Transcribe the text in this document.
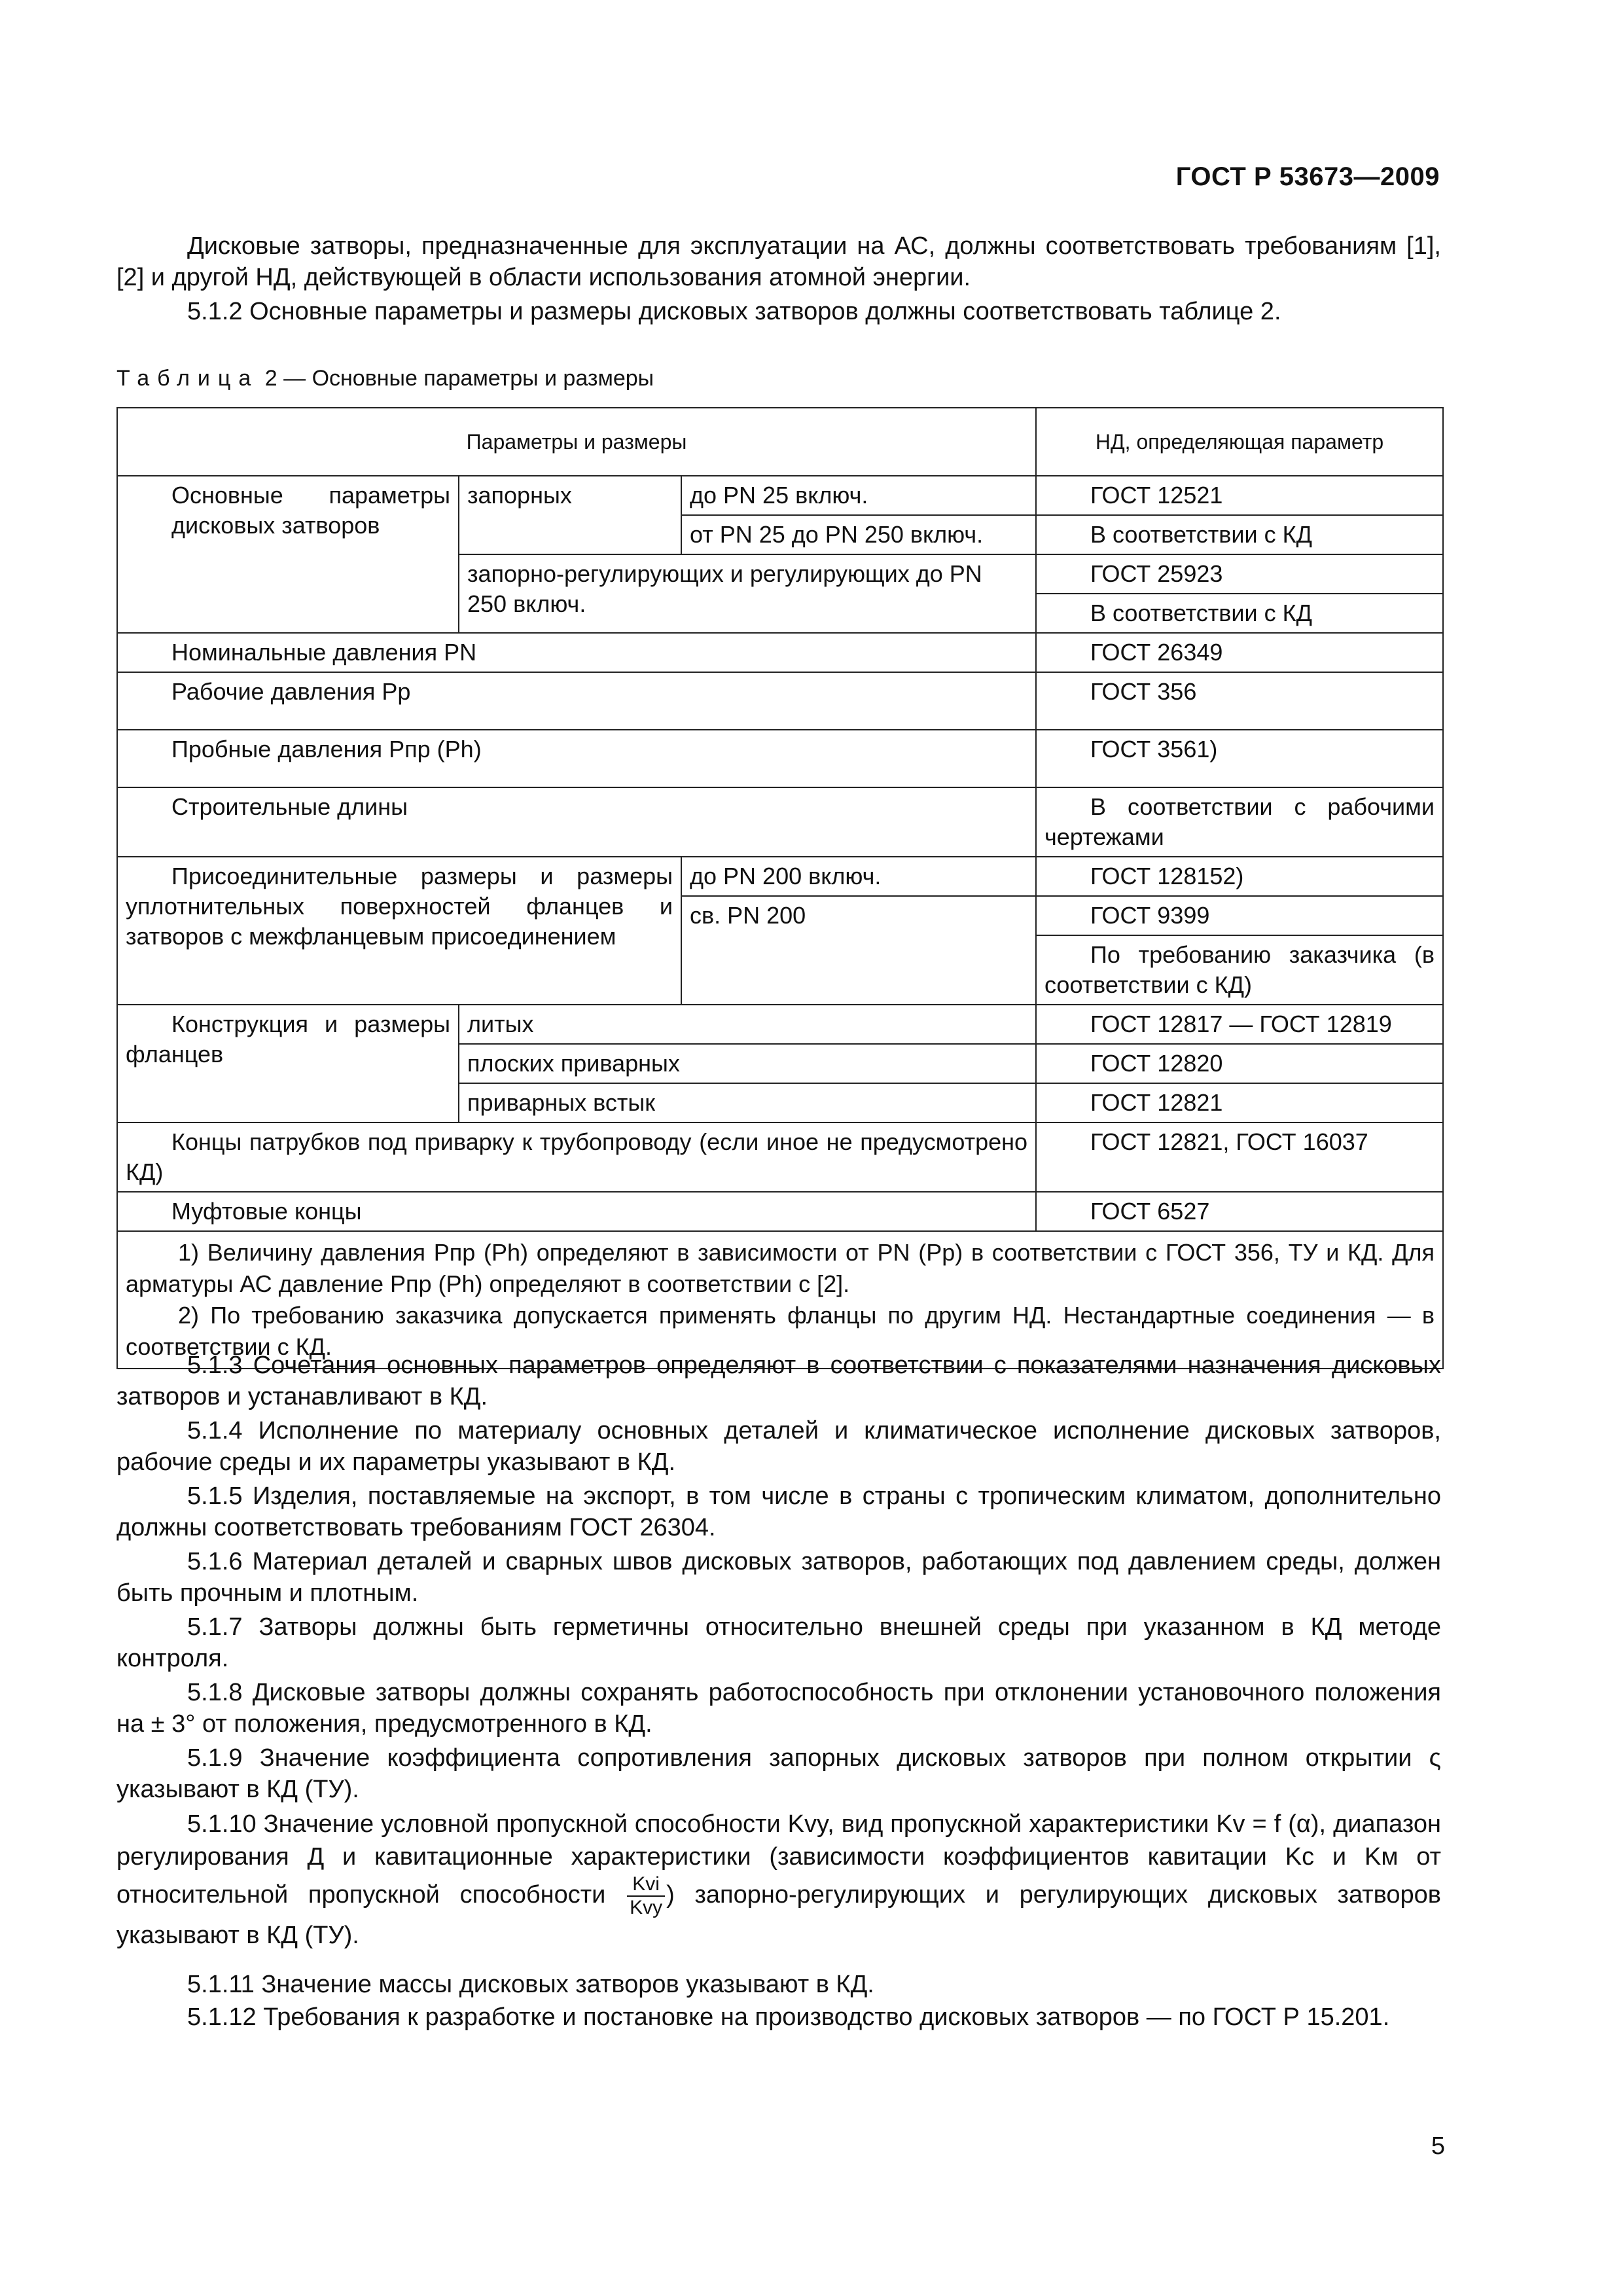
ГОСТ Р 53673—2009
Дисковые затворы, предназначенные для эксплуатации на АС, должны соответствовать требованиям [1], [2] и другой НД, действующей в области использования атомной энергии.
5.1.2 Основные параметры и размеры дисковых затворов должны соответствовать таблице 2.
Таблица 2 — Основные параметры и размеры
Параметры и размеры			НД, определяющая параметр
Основные параметры дисковых затворов	запорных	до PN 25 включ.	ГОСТ 12521
		от PN 25 до PN 250 включ.	В соответствии с КД
	запорно-регулирующих и регулирующих до PN 250 включ.		ГОСТ 25923
			В соответствии с КД
Номинальные давления PN			ГОСТ 26349
Рабочие давления Pр			ГОСТ 356
Пробные давления Pпр (Ph)			ГОСТ 3561)
Строительные длины			В соответствии с рабочими чертежами
Присоединительные размеры и размеры уплотнительных поверхностей фланцев и затворов с межфланцевым присоединением		до PN 200 включ.	ГОСТ 128152)
		св. PN 200	ГОСТ 9399
			По требованию заказчика (в соответствии с КД)
Конструкция и размеры фланцев	литых		ГОСТ 12817 — ГОСТ 12819
	плоских приварных		ГОСТ 12820
	приварных встык		ГОСТ 12821
Концы патрубков под приварку к трубопроводу (если иное не предусмотрено КД)			ГОСТ 12821, ГОСТ 16037
Муфтовые концы			ГОСТ 6527

1) Величину давления Pпр (Ph) определяют в зависимости от PN (Pр) в соответствии с ГОСТ 356, ТУ и КД. Для арматуры АС давление Pпр (Ph) определяют в соответствии с [2].
2) По требованию заказчика допускается применять фланцы по другим НД. Нестандартные соединения — в соответствии с КД.			
5.1.3 Сочетания основных параметров определяют в соответствии с показателями назначения дисковых затворов и устанавливают в КД.
5.1.4 Исполнение по материалу основных деталей и климатическое исполнение дисковых затворов, рабочие среды и их параметры указывают в КД.
5.1.5 Изделия, поставляемые на экспорт, в том числе в страны с тропическим климатом, дополнительно должны соответствовать требованиям ГОСТ 26304.
5.1.6 Материал деталей и сварных швов дисковых затворов, работающих под давлением среды, должен быть прочным и плотным.
5.1.7 Затворы должны быть герметичны относительно внешней среды при указанном в КД методе контроля.
5.1.8 Дисковые затворы должны сохранять работоспособность при отклонении установочного положения на ± 3° от положения, предусмотренного в КД.
5.1.9 Значение коэффициента сопротивления запорных дисковых затворов при полном открытии ς указывают в КД (ТУ).
5.1.10 Значение условной пропускной способности Kvy, вид пропускной характеристики Kv = f (α), диапазон регулирования Д и кавитационные характеристики (зависимости коэффициентов кавитации Kc и Kм от относительной пропускной способности $\frac{\text{Kvi}}{\text{Kvy}}$ ) запорно-регулирующих и регулирующих дисковых затворов указывают в КД (ТУ).
5.1.11 Значение массы дисковых затворов указывают в КД.
5.1.12 Требования к разработке и постановке на производство дисковых затворов — по ГОСТ Р 15.201.
5
